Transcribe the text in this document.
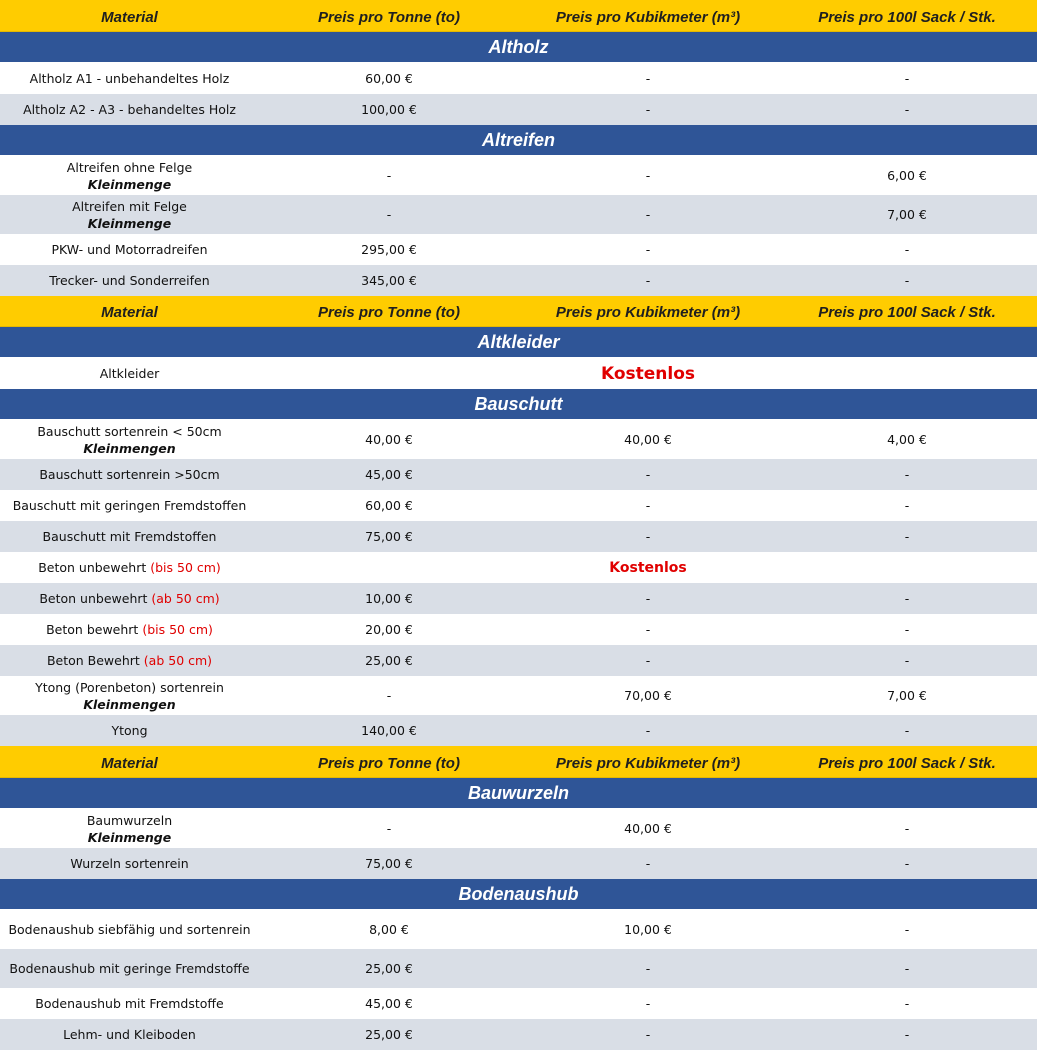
Material	Preis pro Tonne (to)	Preis pro Kubikmeter (m³)	Preis pro 100l Sack / Stk.
Altholz
Altholz A1 - unbehandeltes Holz	60,00 €	-	-
Altholz A2 - A3 - behandeltes Holz	100,00 €	-	-
Altreifen
Altreifen ohne Felge
Kleinmenge
-	-	6,00 €
Altreifen mit Felge
Kleinmenge
-	-	7,00 €
PKW- und Motorradreifen	295,00 €	-	-
Trecker- und Sonderreifen	345,00 €	-	-
Material	Preis pro Tonne (to)	Preis pro Kubikmeter (m³)	Preis pro 100l Sack / Stk.
Altkleider
Altkleider	Kostenlos
Bauschutt
Bauschutt sortenrein < 50cm
Kleinmengen
40,00 €	40,00 €	4,00 €
Bauschutt sortenrein >50cm	45,00 €	-	-
Bauschutt mit geringen Fremdstoffen	60,00 €	-	-
Bauschutt mit Fremdstoffen	75,00 €	-	-
Beton unbewehrt
(bis 50 cm)	Kostenlos
Beton unbewehrt
(ab 50 cm)	10,00 €	-	-
Beton bewehrt
(bis 50 cm)	20,00 €	-	-
Beton Bewehrt
(ab 50 cm)	25,00 €	-	-
Ytong (Porenbeton) sortenrein
Kleinmengen
-	70,00 €	7,00 €
Ytong	140,00 €	-	-
Material	Preis pro Tonne (to)	Preis pro Kubikmeter (m³)	Preis pro 100l Sack / Stk.
Bauwurzeln
Baumwurzeln
Kleinmenge
-	40,00 €	-
Wurzeln sortenrein	75,00 €	-	-
Bodenaushub
Bodenaushub siebfähig und sortenrein	8,00 €	10,00 €	-
Bodenaushub mit geringe Fremdstoffe	25,00 €	-	-
Bodenaushub mit Fremdstoffe	45,00 €	-	-
Lehm- und Kleiboden	25,00 €	-	-
